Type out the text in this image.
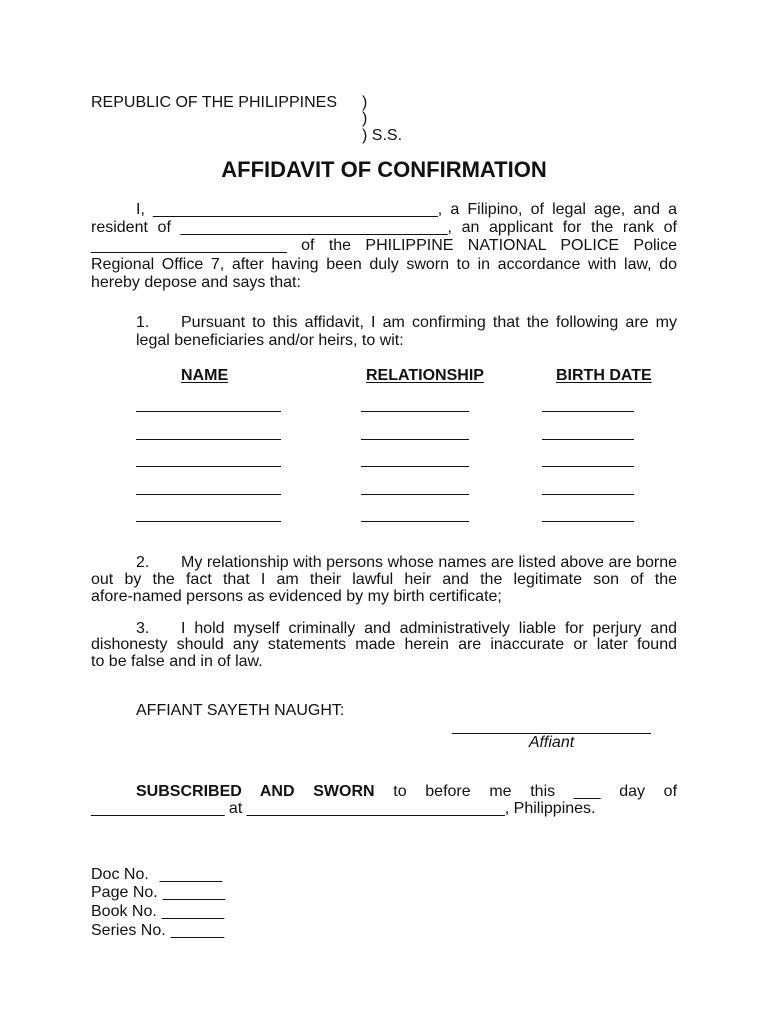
REPUBLIC OF THE PHILIPPINES )
)
) S.S.
AFFIDAVIT OF CONFIRMATION
I, ________________________________, a Filipino, of legal age, and a
resident of ______________________________, an applicant for the rank of
______________________ of the PHILIPPINE NATIONAL POLICE Police
Regional Office 7, after having been duly sworn to in accordance with law, do
hereby depose and says that:
1. Pursuant to this affidavit, I am confirming that the following are my
legal beneficiaries and/or heirs, to wit:
NAME	RELATIONSHIP	BIRTH DATE
2. My relationship with persons whose names are listed above are borne
out by the fact that I am their lawful heir and the legitimate son of the
afore-named persons as evidenced by my birth certificate;
3. I hold myself criminally and administratively liable for perjury and
dishonesty should any statements made herein are inaccurate or later found
to be false and in of law.
AFFIANT SAYETH NAUGHT:
Affiant
SUBSCRIBED AND SWORN to before me this ___ day of
_______________ at _____________________________, Philippines.
Doc No. _______
Page No. _______
Book No. _______
Series No. ______
